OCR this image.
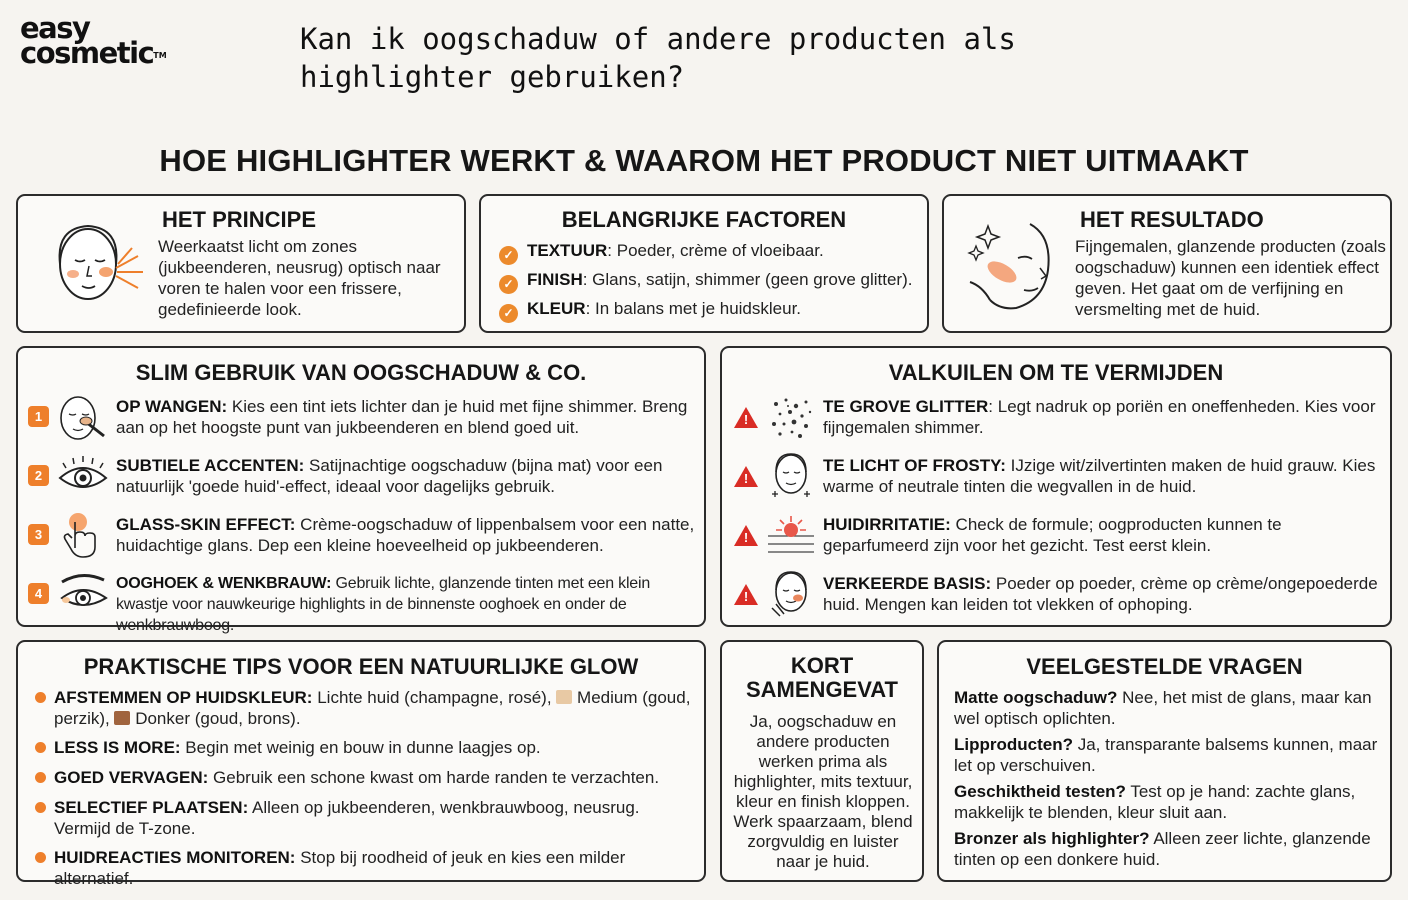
easy
cosmetic™	Kan ik oogschaduw of andere producten als highlighter gebruiken?
HOE HIGHLIGHTER WERKT & WAAROM HET PRODUCT NIET UITMAAKT
HET PRINCIPE
Weerkaatst licht om zones (jukbeenderen, neusrug) optisch naar voren te halen voor een frissere, gedefinieerde look.
BELANGRIJKE FACTOREN
✓ TEXTUUR: Poeder, crème of vloeibaar.
✓ FINISH: Glans, satijn, shimmer (geen grove glitter).
✓ KLEUR: In balans met je huidskleur.
HET RESULTADO
Fijngemalen, glanzende producten (zoals oogschaduw) kunnen een identiek effect geven. Het gaat om de verfijning en versmelting met de huid.
SLIM GEBRUIK VAN OOGSCHADUW & CO.
1
OP WANGEN: Kies een tint iets lichter dan je huid met fijne shimmer. Breng aan op het hoogste punt van jukbeenderen en blend goed uit.
2
SUBTIELE ACCENTEN: Satijnachtige oogschaduw (bijna mat) voor een natuurlijk 'goede huid'-effect, ideaal voor dagelijks gebruik.
3
GLASS-SKIN EFFECT: Crème-oogschaduw of lippenbalsem voor een natte, huidachtige glans. Dep een kleine hoeveelheid op jukbeenderen.
4
OOGHOEK & WENKBRAUW: Gebruik lichte, glanzende tinten met een klein kwastje voor nauwkeurige highlights in de binnenste ooghoek en onder de wenkbrauwboog.
VALKUILEN OM TE VERMIJDEN
!
TE GROVE GLITTER: Legt nadruk op poriën en oneffenheden. Kies voor fijngemalen shimmer.
!
TE LICHT OF FROSTY: IJzige wit/zilvertinten maken de huid grauw. Kies warme of neutrale tinten die wegvallen in de huid.
!
HUIDIRRITATIE: Check de formule; oogproducten kunnen te geparfumeerd zijn voor het gezicht. Test eerst klein.
!
VERKEERDE BASIS: Poeder op poeder, crème op crème/ongepoederde huid. Mengen kan leiden tot vlekken of ophoping.
PRAKTISCHE TIPS VOOR EEN NATUURLIJKE GLOW
AFSTEMMEN OP HUIDSKLEUR: Lichte huid (champagne, rosé),  Medium (goud, perzik),  Donker (goud, brons).
LESS IS MORE: Begin met weinig en bouw in dunne laagjes op.
GOED VERVAGEN: Gebruik een schone kwast om harde randen te verzachten.
SELECTIEF PLAATSEN: Alleen op jukbeenderen, wenkbrauwboog, neusrug. Vermijd de T-zone.
HUIDREACTIES MONITOREN: Stop bij roodheid of jeuk en kies een milder alternatief.
KORT
SAMENGEVAT
Ja, oogschaduw en andere producten werken prima als highlighter, mits textuur, kleur en finish kloppen. Werk spaarzaam, blend zorgvuldig en luister naar je huid.
VEELGESTELDE VRAGEN
Matte oogschaduw? Nee, het mist de glans, maar kan wel optisch oplichten.
Lipproducten? Ja, transparante balsems kunnen, maar let op verschuiven.
Geschiktheid testen? Test op je hand: zachte glans, makkelijk te blenden, kleur sluit aan.
Bronzer als highlighter? Alleen zeer lichte, glanzende tinten op een donkere huid.
